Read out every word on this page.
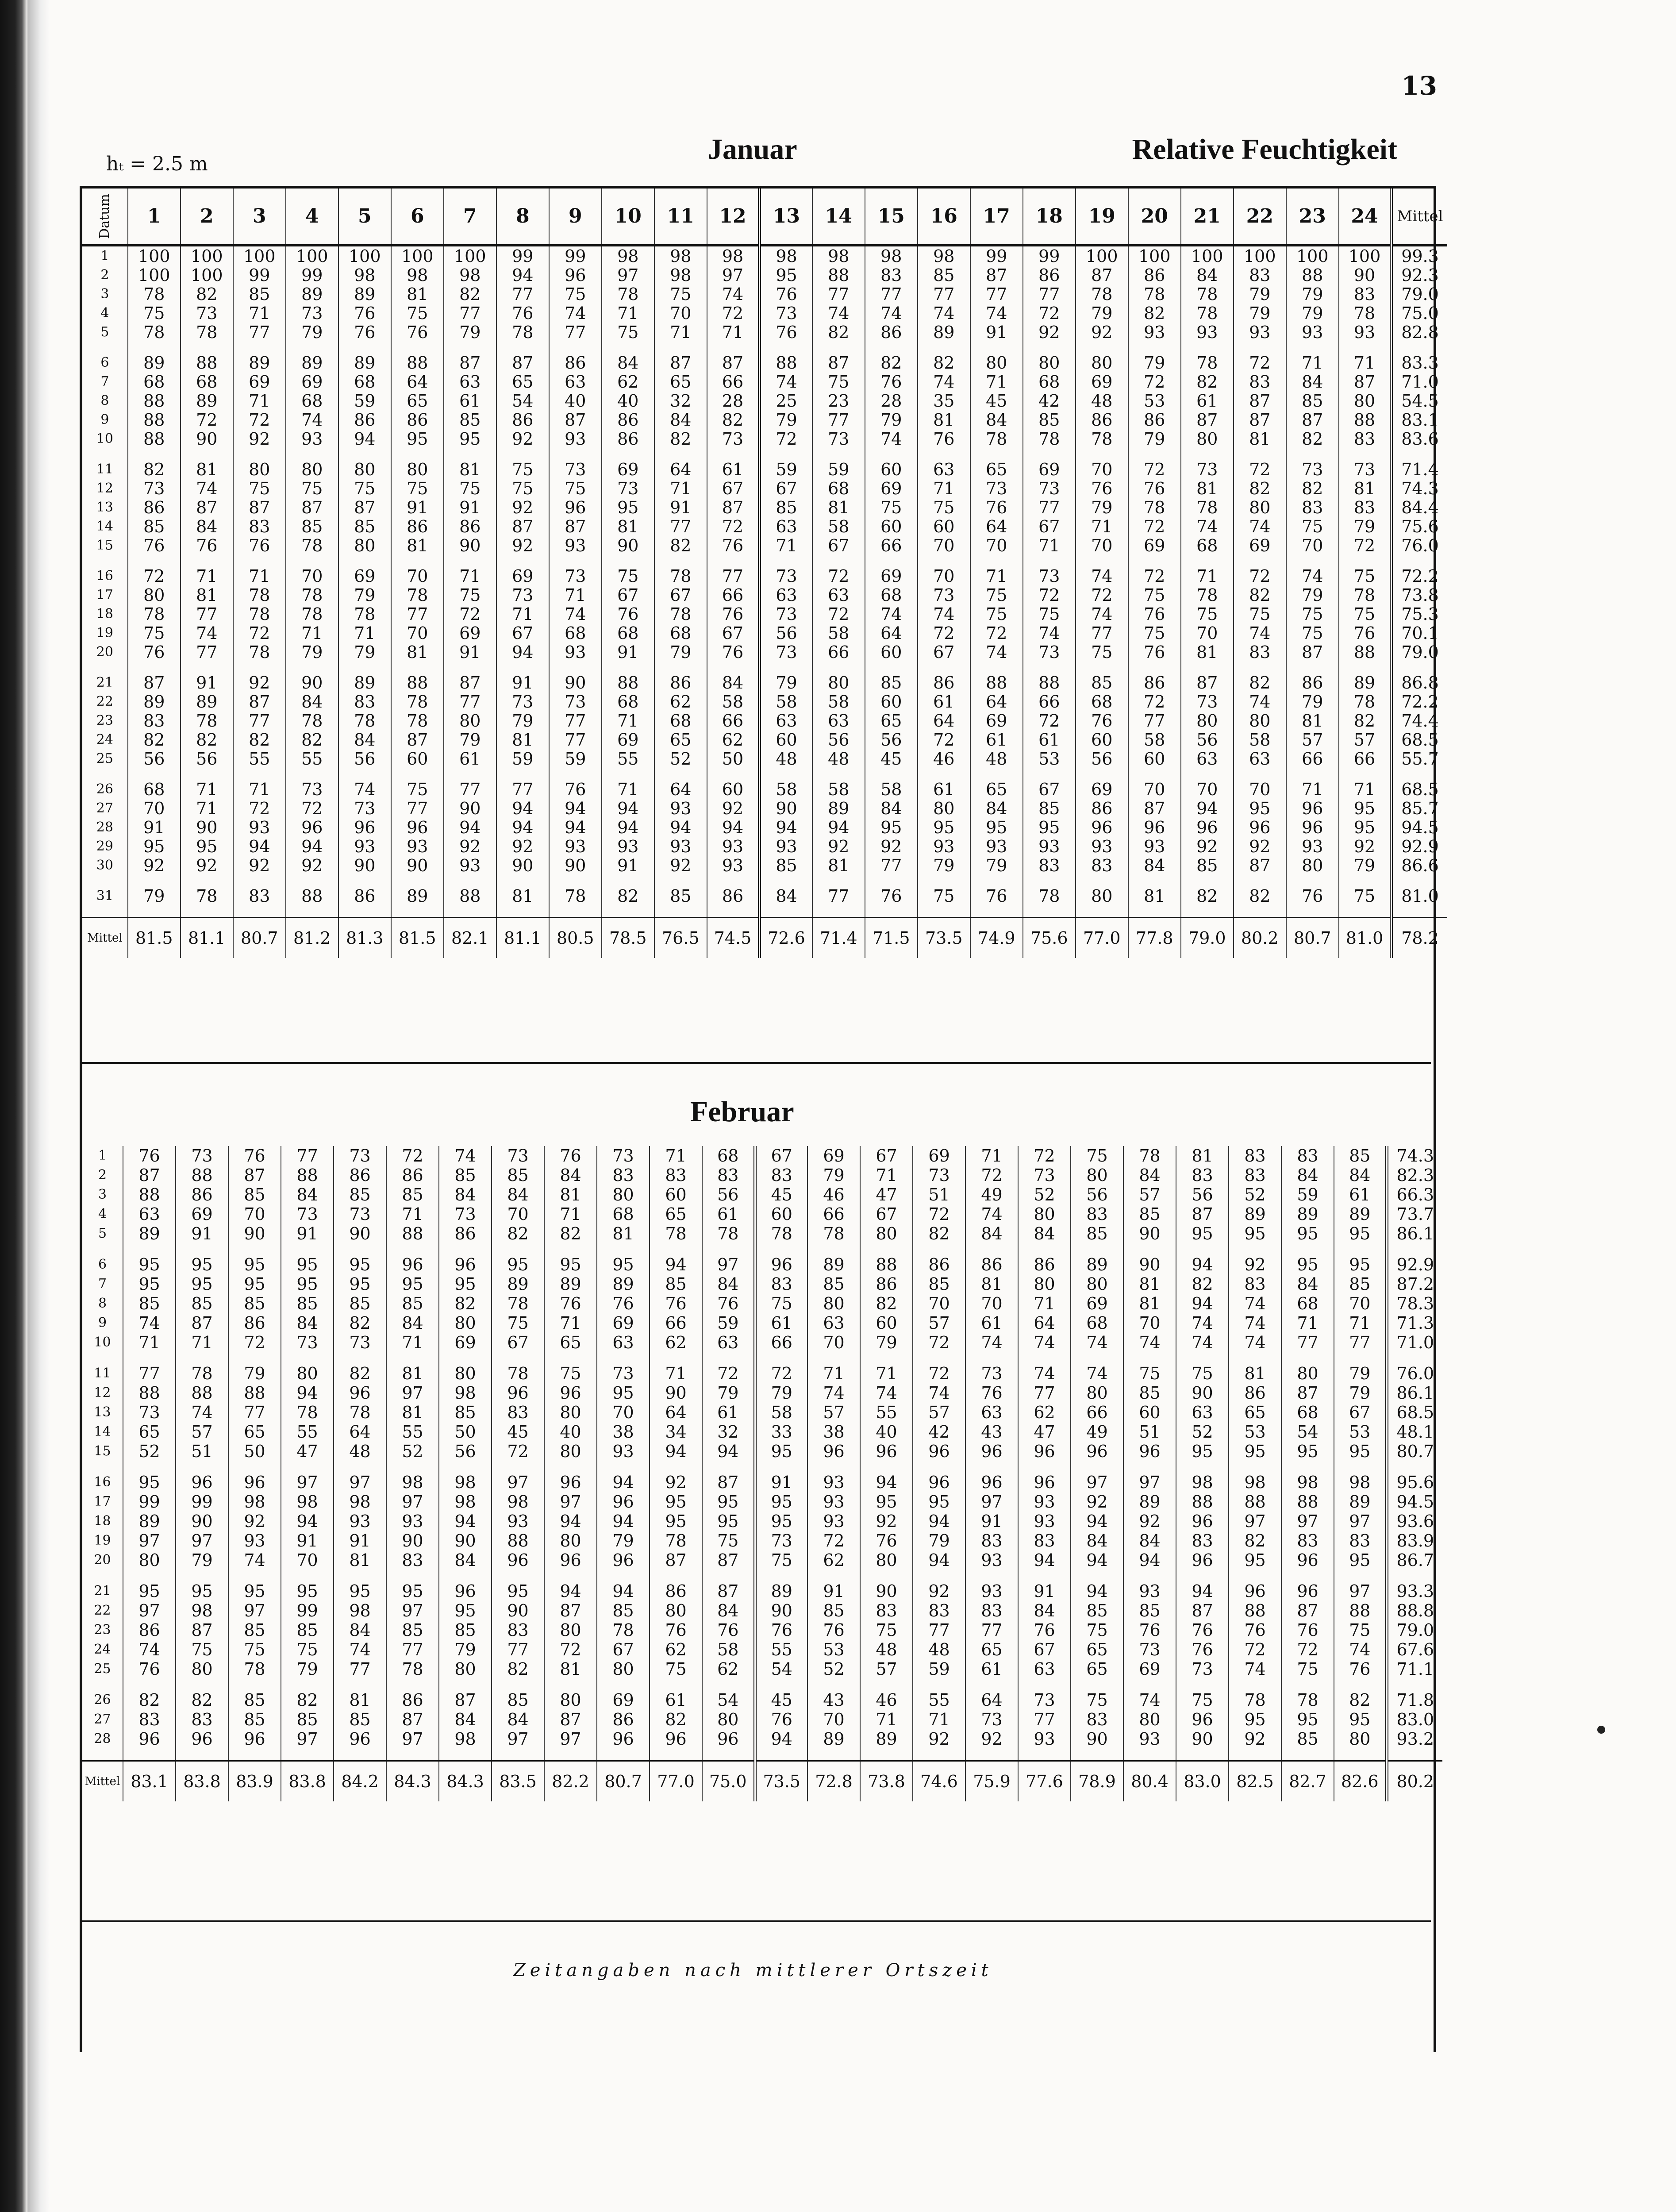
13
hₜ = 2.5 m	Januar	Relative Feuchtigkeit
Datum	1	2	3	4	5	6	7	8	9	10	11	12	13	14	15	16	17	18	19	20	21	22	23	24	Mittel
1	100	100	100	100	100	100	100	99	99	98	98	98	98	98	98	98	99	99	100	100	100	100	100	100	99.3
2	100	100	99	99	98	98	98	94	96	97	98	97	95	88	83	85	87	86	87	86	84	83	88	90	92.3
3	78	82	85	89	89	81	82	77	75	78	75	74	76	77	77	77	77	77	78	78	78	79	79	83	79.0
4	75	73	71	73	76	75	77	76	74	71	70	72	73	74	74	74	74	72	79	82	78	79	79	78	75.0
5	78	78	77	79	76	76	79	78	77	75	71	71	76	82	86	89	91	92	92	93	93	93	93	93	82.8

6	89	88	89	89	89	88	87	87	86	84	87	87	88	87	82	82	80	80	80	79	78	72	71	71	83.3
7	68	68	69	69	68	64	63	65	63	62	65	66	74	75	76	74	71	68	69	72	82	83	84	87	71.0
8	88	89	71	68	59	65	61	54	40	40	32	28	25	23	28	35	45	42	48	53	61	87	85	80	54.5
9	88	72	72	74	86	86	85	86	87	86	84	82	79	77	79	81	84	85	86	86	87	87	87	88	83.1
10	88	90	92	93	94	95	95	92	93	86	82	73	72	73	74	76	78	78	78	79	80	81	82	83	83.6

11	82	81	80	80	80	80	81	75	73	69	64	61	59	59	60	63	65	69	70	72	73	72	73	73	71.4
12	73	74	75	75	75	75	75	75	75	73	71	67	67	68	69	71	73	73	76	76	81	82	82	81	74.3
13	86	87	87	87	87	91	91	92	96	95	91	87	85	81	75	75	76	77	79	78	78	80	83	83	84.4
14	85	84	83	85	85	86	86	87	87	81	77	72	63	58	60	60	64	67	71	72	74	74	75	79	75.6
15	76	76	76	78	80	81	90	92	93	90	82	76	71	67	66	70	70	71	70	69	68	69	70	72	76.0

16	72	71	71	70	69	70	71	69	73	75	78	77	73	72	69	70	71	73	74	72	71	72	74	75	72.2
17	80	81	78	78	79	78	75	73	71	67	67	66	63	63	68	73	75	72	72	75	78	82	79	78	73.8
18	78	77	78	78	78	77	72	71	74	76	78	76	73	72	74	74	75	75	74	76	75	75	75	75	75.3
19	75	74	72	71	71	70	69	67	68	68	68	67	56	58	64	72	72	74	77	75	70	74	75	76	70.1
20	76	77	78	79	79	81	91	94	93	91	79	76	73	66	60	67	74	73	75	76	81	83	87	88	79.0

21	87	91	92	90	89	88	87	91	90	88	86	84	79	80	85	86	88	88	85	86	87	82	86	89	86.8
22	89	89	87	84	83	78	77	73	73	68	62	58	58	58	60	61	64	66	68	72	73	74	79	78	72.2
23	83	78	77	78	78	78	80	79	77	71	68	66	63	63	65	64	69	72	76	77	80	80	81	82	74.4
24	82	82	82	82	84	87	79	81	77	69	65	62	60	56	56	72	61	61	60	58	56	58	57	57	68.5
25	56	56	55	55	56	60	61	59	59	55	52	50	48	48	45	46	48	53	56	60	63	63	66	66	55.7

26	68	71	71	73	74	75	77	77	76	71	64	60	58	58	58	61	65	67	69	70	70	70	71	71	68.5
27	70	71	72	72	73	77	90	94	94	94	93	92	90	89	84	80	84	85	86	87	94	95	96	95	85.7
28	91	90	93	96	96	96	94	94	94	94	94	94	94	94	95	95	95	95	96	96	96	96	96	95	94.5
29	95	95	94	94	93	93	92	92	93	93	93	93	93	92	92	93	93	93	93	93	92	92	93	92	92.9
30	92	92	92	92	90	90	93	90	90	91	92	93	85	81	77	79	79	83	83	84	85	87	80	79	86.6

31	79	78	83	88	86	89	88	81	78	82	85	86	84	77	76	75	76	78	80	81	82	82	76	75	81.0

Mittel	81.5	81.1	80.7	81.2	81.3	81.5	82.1	81.1	80.5	78.5	76.5	74.5	72.6	71.4	71.5	73.5	74.9	75.6	77.0	77.8	79.0	80.2	80.7	81.0	78.2
Februar
1	76	73	76	77	73	72	74	73	76	73	71	68	67	69	67	69	71	72	75	78	81	83	83	85	74.3
2	87	88	87	88	86	86	85	85	84	83	83	83	83	79	71	73	72	73	80	84	83	83	84	84	82.3
3	88	86	85	84	85	85	84	84	81	80	60	56	45	46	47	51	49	52	56	57	56	52	59	61	66.3
4	63	69	70	73	73	71	73	70	71	68	65	61	60	66	67	72	74	80	83	85	87	89	89	89	73.7
5	89	91	90	91	90	88	86	82	82	81	78	78	78	78	80	82	84	84	85	90	95	95	95	95	86.1

6	95	95	95	95	95	96	96	95	95	95	94	97	96	89	88	86	86	86	89	90	94	92	95	95	92.9
7	95	95	95	95	95	95	95	89	89	89	85	84	83	85	86	85	81	80	80	81	82	83	84	85	87.2
8	85	85	85	85	85	85	82	78	76	76	76	76	75	80	82	70	70	71	69	81	94	74	68	70	78.3
9	74	87	86	84	82	84	80	75	71	69	66	59	61	63	60	57	61	64	68	70	74	74	71	71	71.3
10	71	71	72	73	73	71	69	67	65	63	62	63	66	70	79	72	74	74	74	74	74	74	77	77	71.0

11	77	78	79	80	82	81	80	78	75	73	71	72	72	71	71	72	73	74	74	75	75	81	80	79	76.0
12	88	88	88	94	96	97	98	96	96	95	90	79	79	74	74	74	76	77	80	85	90	86	87	79	86.1
13	73	74	77	78	78	81	85	83	80	70	64	61	58	57	55	57	63	62	66	60	63	65	68	67	68.5
14	65	57	65	55	64	55	50	45	40	38	34	32	33	38	40	42	43	47	49	51	52	53	54	53	48.1
15	52	51	50	47	48	52	56	72	80	93	94	94	95	96	96	96	96	96	96	96	95	95	95	95	80.7

16	95	96	96	97	97	98	98	97	96	94	92	87	91	93	94	96	96	96	97	97	98	98	98	98	95.6
17	99	99	98	98	98	97	98	98	97	96	95	95	95	93	95	95	97	93	92	89	88	88	88	89	94.5
18	89	90	92	94	93	93	94	93	94	94	95	95	95	93	92	94	91	93	94	92	96	97	97	97	93.6
19	97	97	93	91	91	90	90	88	80	79	78	75	73	72	76	79	83	83	84	84	83	82	83	83	83.9
20	80	79	74	70	81	83	84	96	96	96	87	87	75	62	80	94	93	94	94	94	96	95	96	95	86.7

21	95	95	95	95	95	95	96	95	94	94	86	87	89	91	90	92	93	91	94	93	94	96	96	97	93.3
22	97	98	97	99	98	97	95	90	87	85	80	84	90	85	83	83	83	84	85	85	87	88	87	88	88.8
23	86	87	85	85	84	85	85	83	80	78	76	76	76	76	75	77	77	76	75	76	76	76	76	75	79.0
24	74	75	75	75	74	77	79	77	72	67	62	58	55	53	48	48	65	67	65	73	76	72	72	74	67.6
25	76	80	78	79	77	78	80	82	81	80	75	62	54	52	57	59	61	63	65	69	73	74	75	76	71.1

26	82	82	85	82	81	86	87	85	80	69	61	54	45	43	46	55	64	73	75	74	75	78	78	82	71.8
27	83	83	85	85	85	87	84	84	87	86	82	80	76	70	71	71	73	77	83	80	96	95	95	95	83.0
28	96	96	96	97	96	97	98	97	97	96	96	96	94	89	89	92	92	93	90	93	90	92	85	80	93.2

Mittel	83.1	83.8	83.9	83.8	84.2	84.3	84.3	83.5	82.2	80.7	77.0	75.0	73.5	72.8	73.8	74.6	75.9	77.6	78.9	80.4	83.0	82.5	82.7	82.6	80.2
Zeitangaben nach mittlerer Ortszeit
